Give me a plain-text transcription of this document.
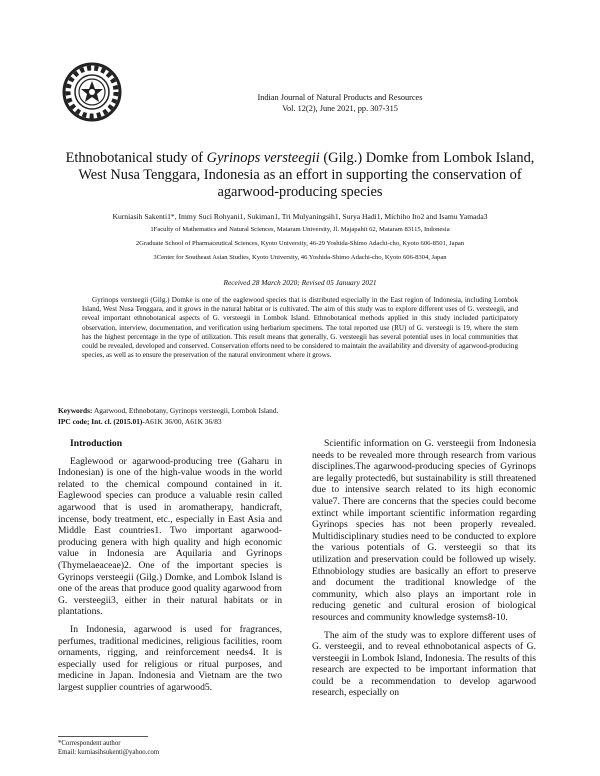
Indian Journal of Natural Products and Resources
Vol. 12(2), June 2021, pp. 307-315
Ethnobotanical study of Gyrinops versteegii (Gilg.) Domke from Lombok Island, West Nusa Tenggara, Indonesia as an effort in supporting the conservation of agarwood-producing species
Kurniasih Sakenti1*, Immy Suci Rohyani1, Sukiman1, Tri Mulyaningsih1, Surya Hadi1, Michiho Ito2 and Isamu Yamada3
1Faculty of Mathematics and Natural Sciences, Mataram University, Jl. Majapahit 62, Mataram 83115, Indonesia
2Graduate School of Pharmaceutical Sciences, Kyoto University, 46-29 Yoshida-Shimo Adachi-cho, Kyoto 606-8501, Japan
3Center for Southeast Asian Studies, Kyoto University, 46 Yoshida-Shimo Adachi-cho, Kyoto 606-8304, Japan
Received 28 March 2020; Revised 05 January 2021

Gyrinops versteegii (Gilg.) Domke is one of the eaglewood species that is distributed especially in the East region of Indonesia, including Lombok Island, West Nusa Tenggara, and it grows in the natural habitat or is cultivated. The aim of this study was to explore different uses of G. versteegii, and reveal important ethnobotanical aspects of G. versteegii in Lombok Island. Ethnobotanical methods applied in this study included participatory observation, interview, documentation, and verification using herbarium specimens. The total reported use (RU) of G. versteegii is 19, where the stem has the highest percentage in the type of utilization. This result means that generally, G. versteegii has several potential uses in local communities that could be revealed, developed and conserved. Conservation efforts need to be considered to maintain the availability and diversity of agarwood-producing species, as well as to ensure the preservation of the natural environment where it grows.

Keywords: Agarwood, Ethnobotany, Gyrinops versteegii, Lombok Island.
IPC code; Int. cl. (2015.01)-A61K 36/00, A61K 36/83

Introduction

Eaglewood or agarwood-producing tree (Gaharu in Indonesian) is one of the high-value woods in the world related to the chemical compound contained in it. Eaglewood species can produce a valuable resin called agarwood that is used in aromatherapy, handicraft, incense, body treatment, etc., especially in East Asia and Middle East countries1. Two important agarwood-producing genera with high quality and high economic value in Indonesia are Aquilaria and Gyrinops (Thymelaeaceae)2. One of the important species is Gyrinops versteegii (Gilg.) Domke, and Lombok Island is one of the areas that produce good quality agarwood from G. versteegii3, either in their natural habitats or in plantations.

In Indonesia, agarwood is used for fragrances, perfumes, traditional medicines, religious facilities, room ornaments, rigging, and reinforcement needs4. It is especially used for religious or ritual purposes, and medicine in Japan. Indonesia and Vietnam are the two largest supplier countries of agarwood5.

Scientific information on G. versteegii from Indonesia needs to be revealed more through research from various disciplines.The agarwood-producing species of Gyrinops are legally protected6, but sustainability is still threatened due to intensive search related to its high economic value7. There are concerns that the species could become extinct while important scientific information regarding Gyrinops species has not been properly revealed. Multidisciplinary studies need to be conducted to explore the various potentials of G. versteegii so that its utilization and preservation could be followed up wisely. Ethnobiology studies are basically an effort to preserve and document the traditional knowledge of the community, which also plays an important role in reducing genetic and cultural erosion of biological resources and community knowledge systems8-10.

The aim of the study was to explore different uses of G. versteegii, and to reveal ethnobotanical aspects of G. versteegii in Lombok Island, Indonesia. The results of this research are expected to be important information that could be a recommendation to develop agarwood research, especially on

*Correspondent author
Email: kurniasihsukenti@yahoo.com
